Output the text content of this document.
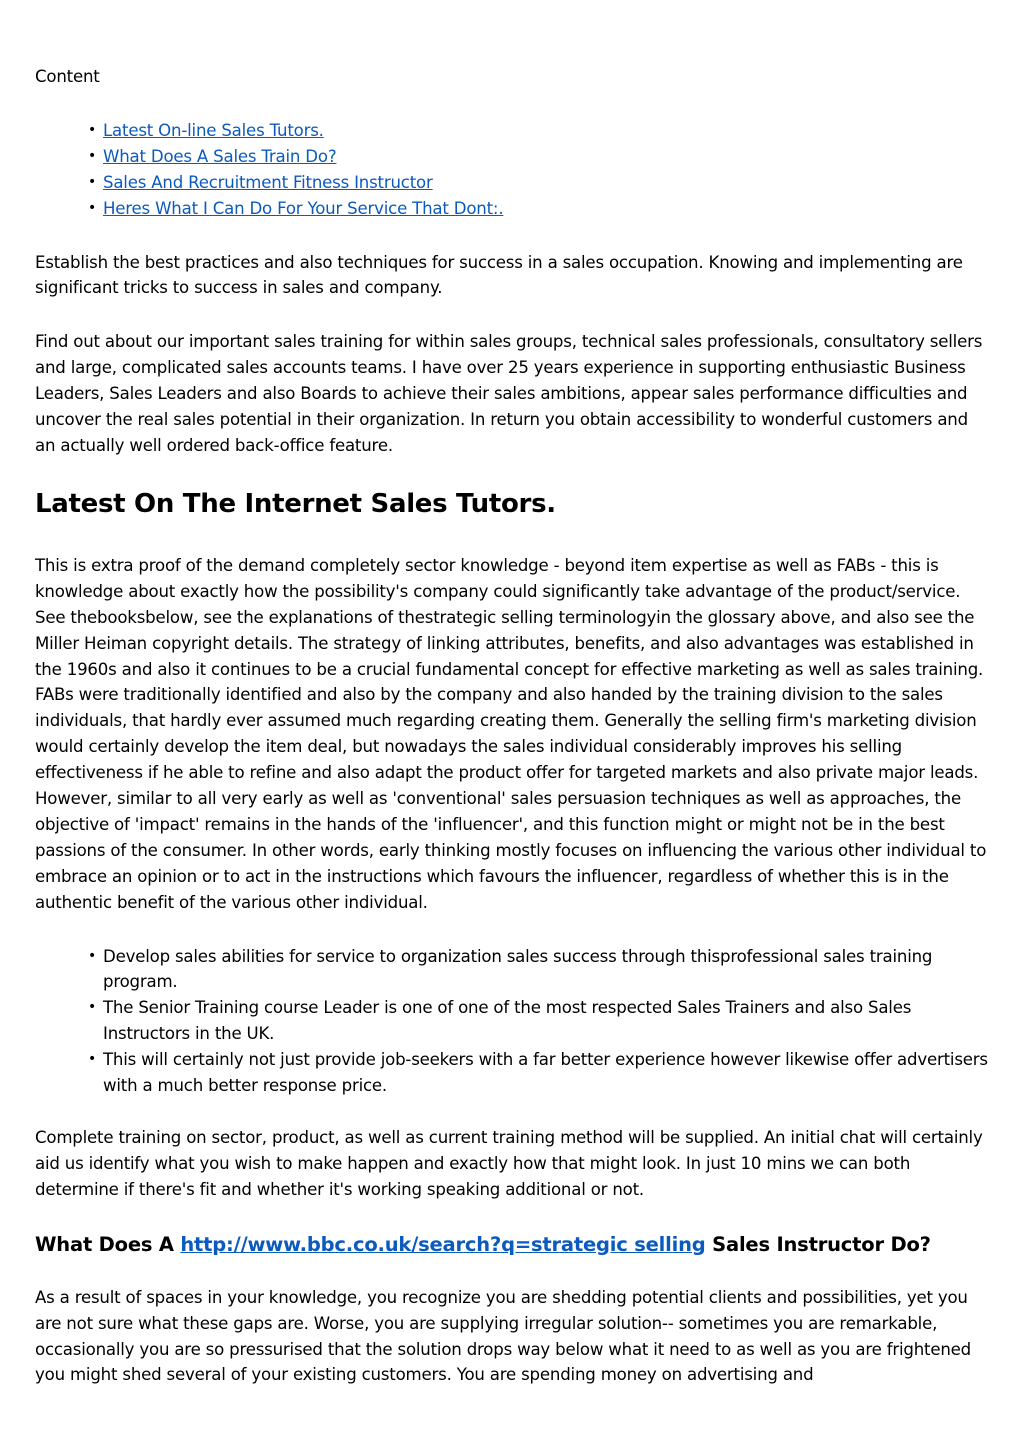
Content

• Latest On-line Sales Tutors.
• What Does A Sales Train Do?
• Sales And Recruitment Fitness Instructor
• Heres What I Can Do For Your Service That Dont:.

Establish the best practices and also techniques for success in a sales occupation. Knowing and implementing are significant tricks to success in sales and company.

Find out about our important sales training for within sales groups, technical sales professionals, consultatory sellers and large, complicated sales accounts teams. I have over 25 years experience in supporting enthusiastic Business Leaders, Sales Leaders and also Boards to achieve their sales ambitions, appear sales performance difficulties and uncover the real sales potential in their organization. In return you obtain accessibility to wonderful customers and an actually well ordered back-office feature.

Latest On The Internet Sales Tutors.

This is extra proof of the demand completely sector knowledge - beyond item expertise as well as FABs - this is knowledge about exactly how the possibility's company could significantly take advantage of the product/service. See thebooksbelow, see the explanations of thestrategic selling terminologyin the glossary above, and also see the Miller Heiman copyright details. The strategy of linking attributes, benefits, and also advantages was established in the 1960s and also it continues to be a crucial fundamental concept for effective marketing as well as sales training. FABs were traditionally identified and also by the company and also handed by the training division to the sales individuals, that hardly ever assumed much regarding creating them. Generally the selling firm's marketing division would certainly develop the item deal, but nowadays the sales individual considerably improves his selling effectiveness if he able to refine and also adapt the product offer for targeted markets and also private major leads. However, similar to all very early as well as 'conventional' sales persuasion techniques as well as approaches, the objective of 'impact' remains in the hands of the 'influencer', and this function might or might not be in the best passions of the consumer. In other words, early thinking mostly focuses on influencing the various other individual to embrace an opinion or to act in the instructions which favours the influencer, regardless of whether this is in the authentic benefit of the various other individual.

• Develop sales abilities for service to organization sales success through thisprofessional sales training program.
• The Senior Training course Leader is one of one of the most respected Sales Trainers and also Sales Instructors in the UK.
• This will certainly not just provide job-seekers with a far better experience however likewise offer advertisers with a much better response price.

Complete training on sector, product, as well as current training method will be supplied. An initial chat will certainly aid us identify what you wish to make happen and exactly how that might look. In just 10 mins we can both determine if there's fit and whether it's working speaking additional or not.

What Does A http://www.bbc.co.uk/search?q=strategic selling Sales Instructor Do?

As a result of spaces in your knowledge, you recognize you are shedding potential clients and possibilities, yet you are not sure what these gaps are. Worse, you are supplying irregular solution-- sometimes you are remarkable, occasionally you are so pressurised that the solution drops way below what it need to as well as you are frightened you might shed several of your existing customers. You are spending money on advertising and
